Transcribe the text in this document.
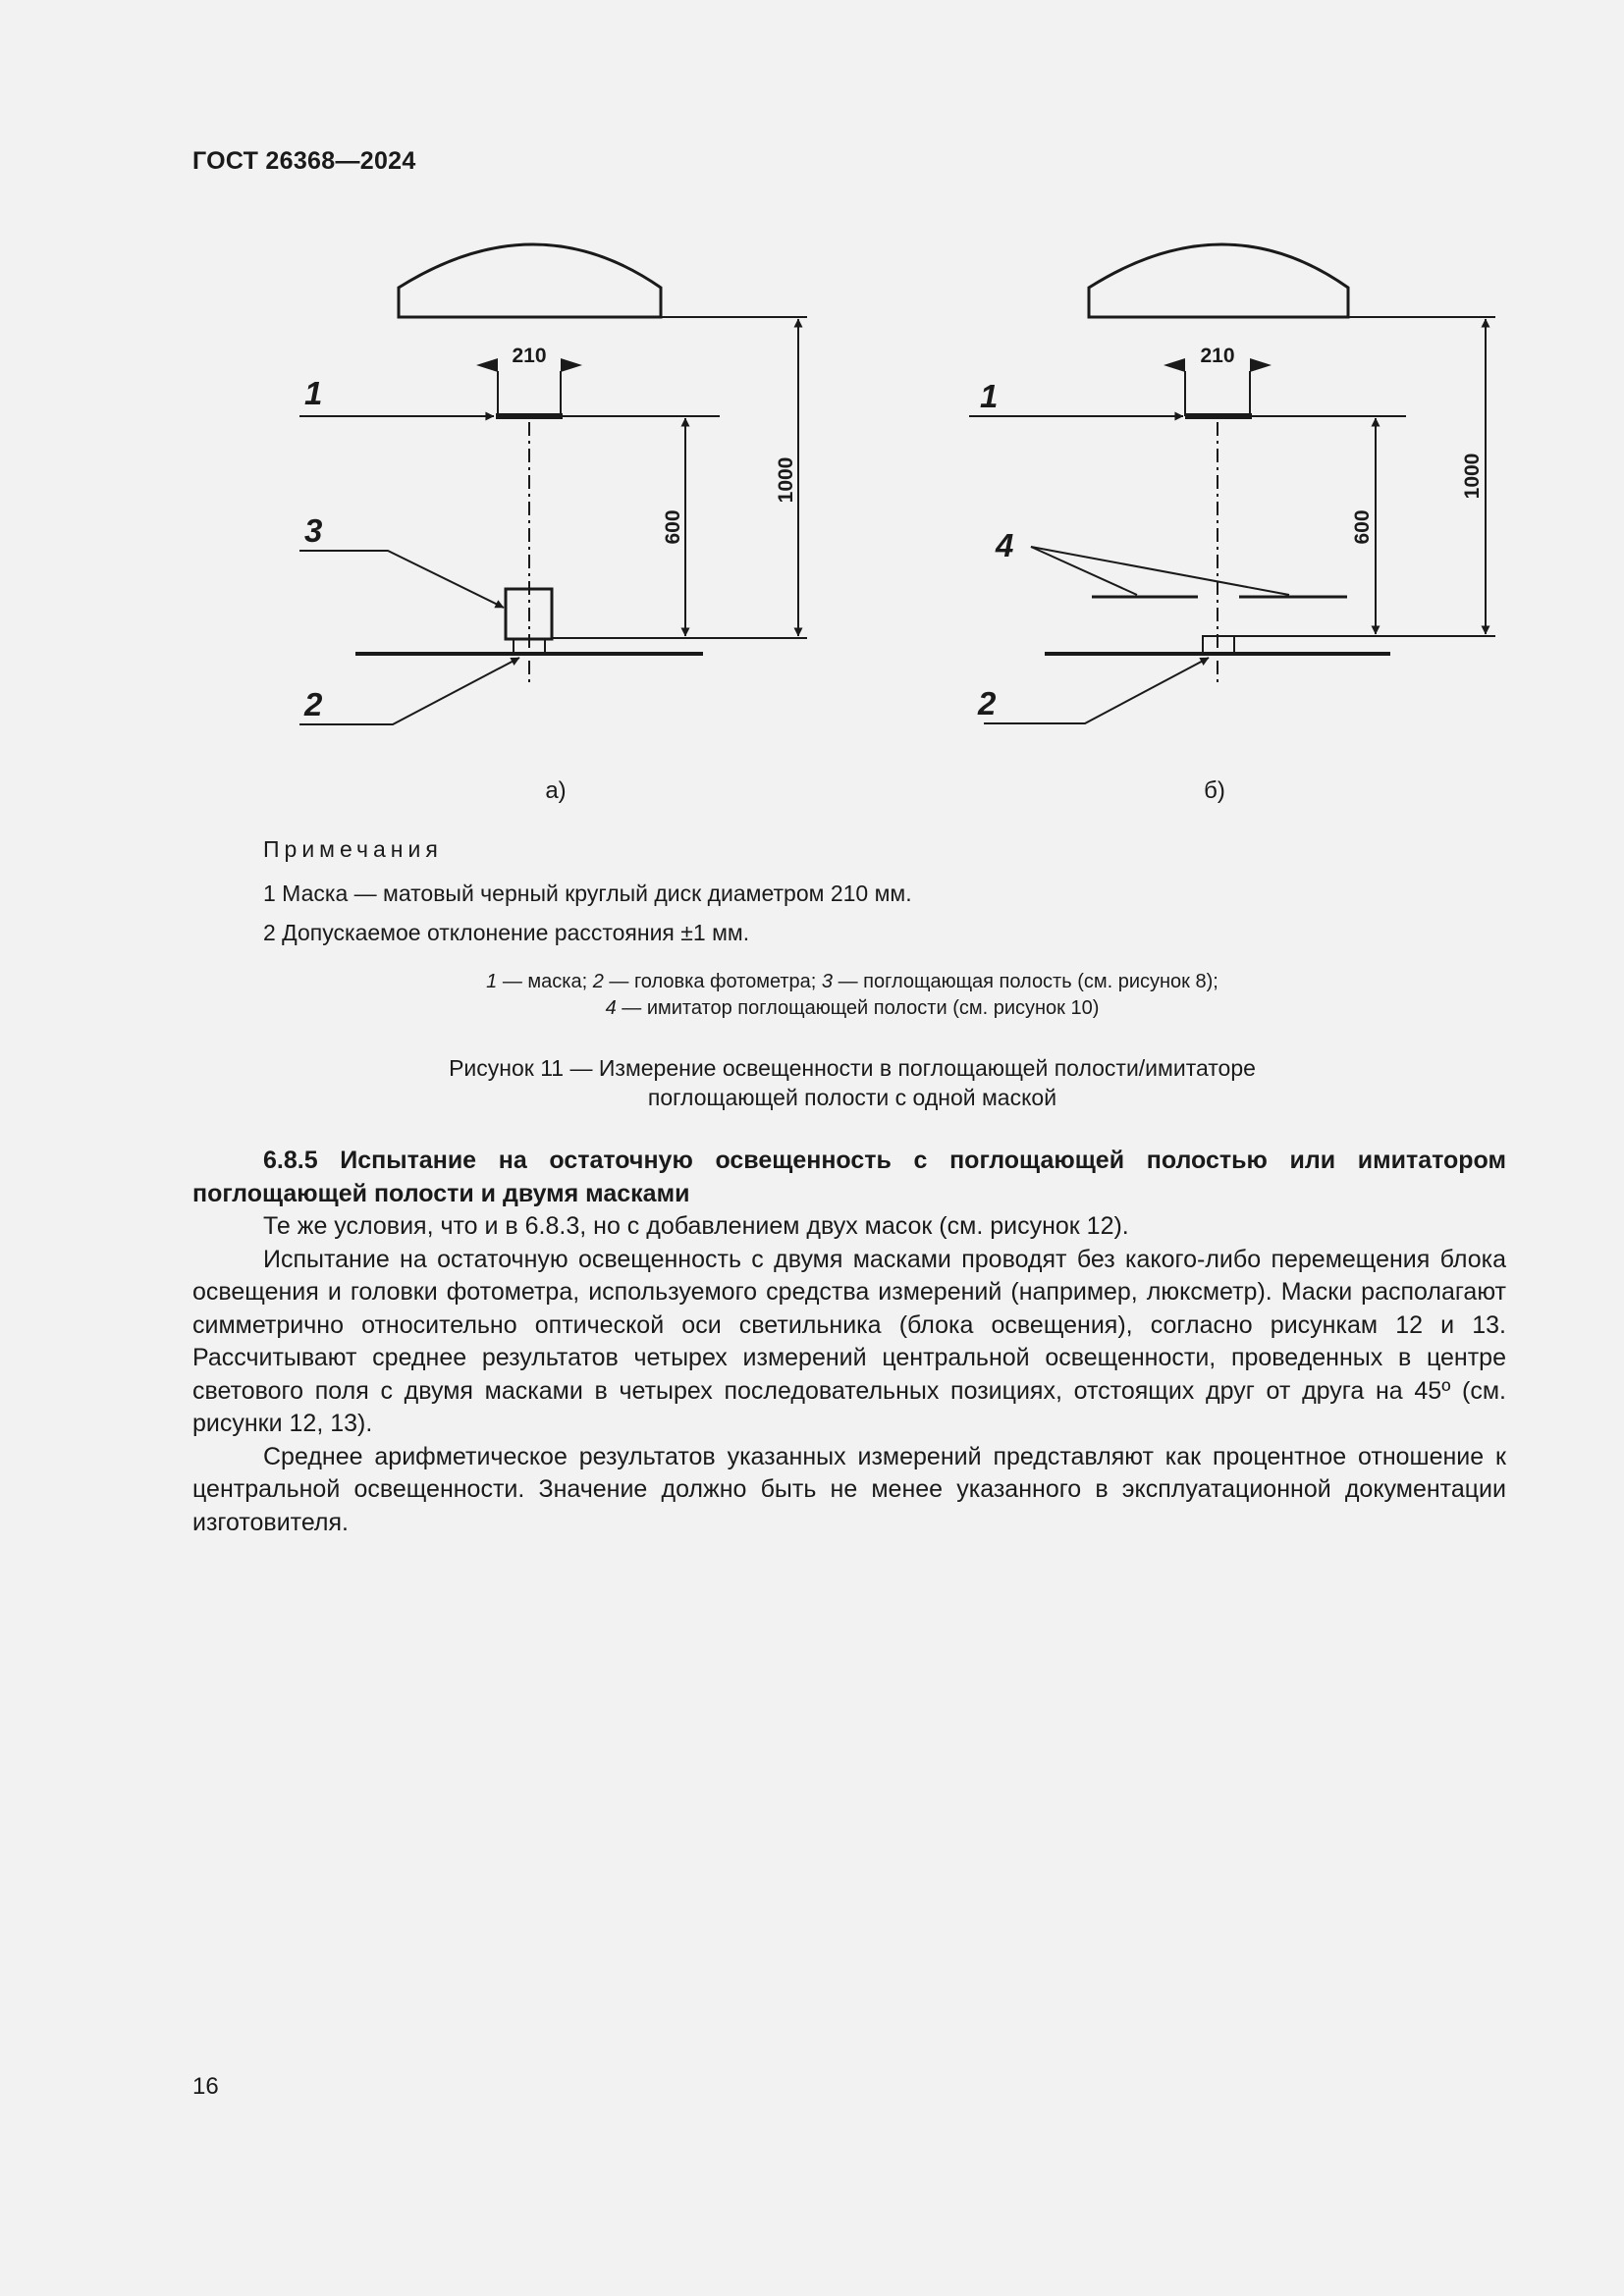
ГОСТ 26368—2024
210
600
1000
1
3
2
а)
210
600
1000
1
4
2
б)
Примечания

1 Маска — матовый черный круглый диск диаметром 210 мм.

2 Допускаемое отклонение расстояния ±1 мм.

1 — маска; 2 — головка фотометра; 3 — поглощающая полость (см. рисунок 8);
4 — имитатор поглощающей полости (см. рисунок 10)
Рисунок 11 — Измерение освещенности в поглощающей полости/имитаторе
поглощающей полости с одной маской

6.8.5 Испытание на остаточную освещенность с поглощающей полостью или имитатором поглощающей полости и двумя масками

Те же условия, что и в 6.8.3, но с добавлением двух масок (см. рисунок 12).

Испытание на остаточную освещенность с двумя масками проводят без какого-либо перемещения блока освещения и головки фотометра, используемого средства измерений (например, люксметр). Маски располагают симметрично относительно оптической оси светильника (блока освещения), согласно рисункам 12 и 13. Рассчитывают среднее результатов четырех измерений центральной освещенности, проведенных в центре светового поля с двумя масками в четырех последовательных позициях, отстоящих друг от друга на 45º (см. рисунки 12, 13).

Среднее арифметическое результатов указанных измерений представляют как процентное отношение к центральной освещенности. Значение должно быть не менее указанного в эксплуатационной документации изготовителя.

16
